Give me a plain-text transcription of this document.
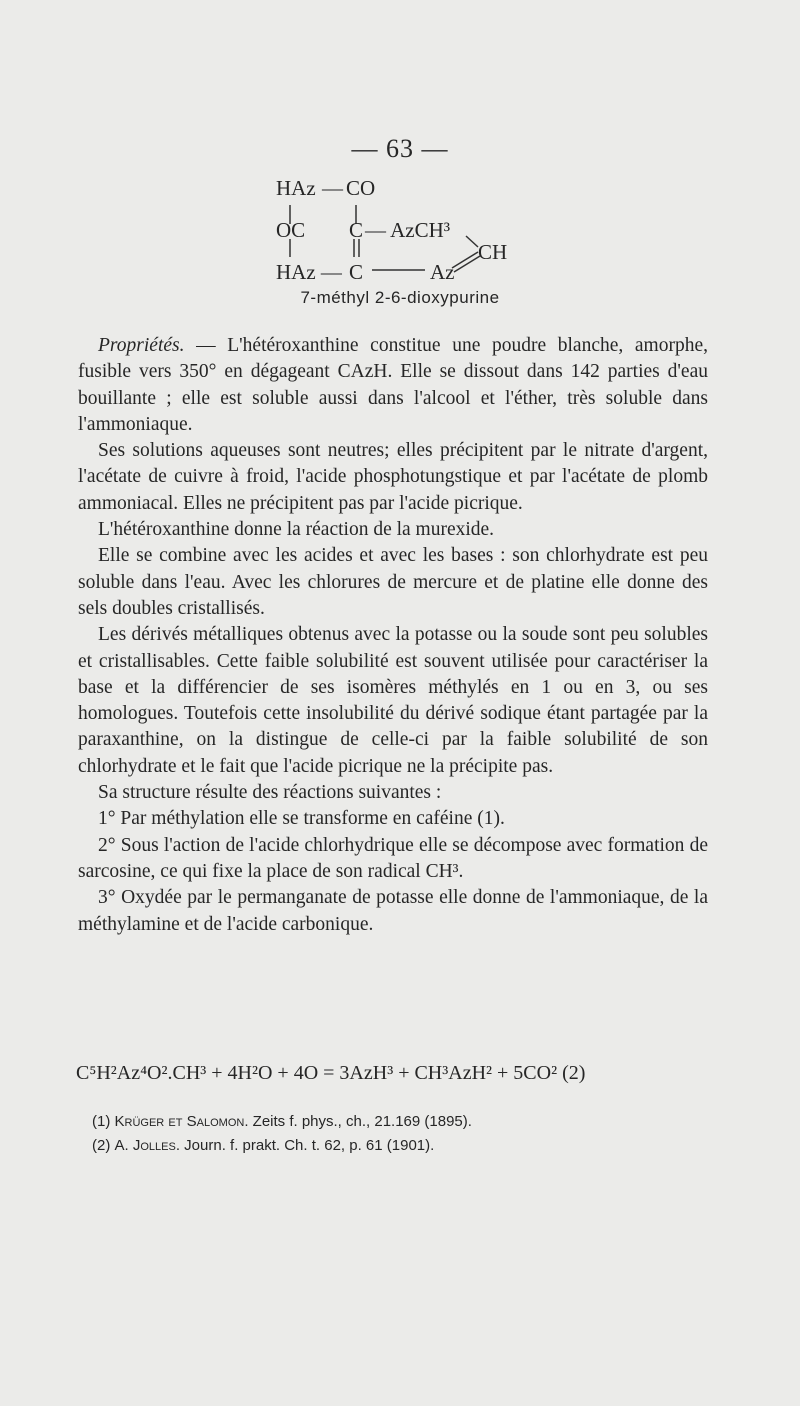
— 63 —
HAz — CO
OC C — AzCH³
CH
HAz — C	Az
7-méthyl 2-6-dioxypurine

Propriétés. — L'hétéroxanthine constitue une poudre blanche, amorphe, fusible vers 350° en dégageant CAzH. Elle se dissout dans 142 parties d'eau bouillante ; elle est soluble aussi dans l'alcool et l'éther, très soluble dans l'ammoniaque.

Ses solutions aqueuses sont neutres; elles précipitent par le nitrate d'argent, l'acétate de cuivre à froid, l'acide phosphotungstique et par l'acétate de plomb ammoniacal. Elles ne précipitent pas par l'acide picrique.

L'hétéroxanthine donne la réaction de la murexide.

Elle se combine avec les acides et avec les bases : son chlorhydrate est peu soluble dans l'eau. Avec les chlorures de mercure et de platine elle donne des sels doubles cristallisés.

Les dérivés métalliques obtenus avec la potasse ou la soude sont peu solubles et cristallisables. Cette faible solubilité est souvent utilisée pour caractériser la base et la différencier de ses isomères méthylés en 1 ou en 3, ou ses homologues. Toutefois cette insolubilité du dérivé sodique étant partagée par la paraxanthine, on la distingue de celle-ci par la faible solubilité de son chlorhydrate et le fait que l'acide picrique ne la précipite pas.

Sa structure résulte des réactions suivantes :

1° Par méthylation elle se transforme en caféine (1).

2° Sous l'action de l'acide chlorhydrique elle se décompose avec formation de sarcosine, ce qui fixe la place de son radical CH³.

3° Oxydée par le permanganate de potasse elle donne de l'ammoniaque, de la méthylamine et de l'acide carbonique.

C⁵H²Az⁴O².CH³ + 4H²O + 4O = 3AzH³ + CH³AzH² + 5CO² (2)
(1) Krüger et Salomon. Zeits f. phys., ch., 21.169 (1895).
(2) A. Jolles. Journ. f. prakt. Ch. t. 62, p. 61 (1901).
